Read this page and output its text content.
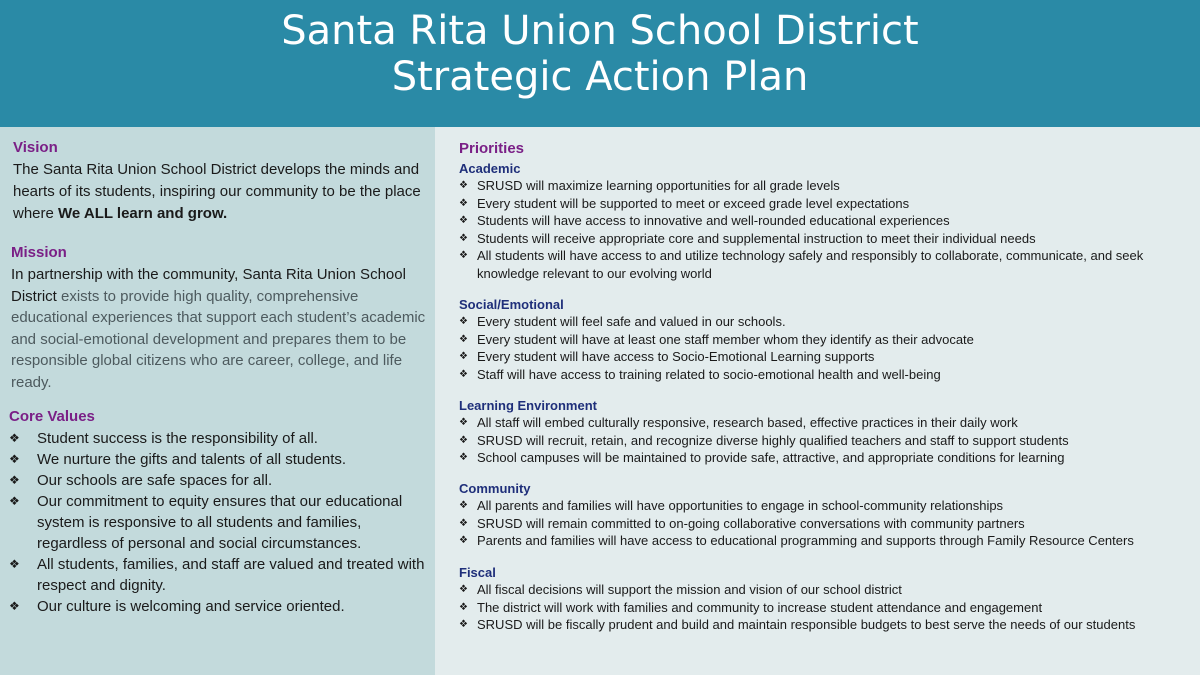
Santa Rita Union School District
Strategic Action Plan
Vision
The Santa Rita Union School District develops the minds and hearts of its students, inspiring our community to be the place where We ALL learn and grow.
Mission
In partnership with the community, Santa Rita Union School District exists to provide high quality, comprehensive educational experiences that support each student’s academic and social-emotional development and prepares them to be responsible global citizens who are career, college, and life ready.
Core Values
❖ Student success is the responsibility of all.
❖ We nurture the gifts and talents of all students.
❖ Our schools are safe spaces for all.
❖ Our commitment to equity ensures that our educational system is responsive to all students and families, regardless of personal and social circumstances.
❖ All students, families, and staff are valued and treated with respect and dignity.
❖ Our culture is welcoming and service oriented.
Priorities
Academic
❖ SRUSD will maximize learning opportunities for all grade levels
❖ Every student will be supported to meet or exceed grade level expectations
❖ Students will have access to innovative and well-rounded educational experiences
❖ Students will receive appropriate core and supplemental instruction to meet their individual needs
❖ All students will have access to and utilize technology safely and responsibly to collaborate, communicate, and seek knowledge relevant to our evolving world
Social/Emotional
❖ Every student will feel safe and valued in our schools.
❖ Every student will have at least one staff member whom they identify as their advocate
❖ Every student will have access to Socio-Emotional Learning supports
❖ Staff will have access to training related to socio-emotional health and well-being
Learning Environment
❖ All staff will embed culturally responsive, research based, effective practices in their daily work
❖ SRUSD will recruit, retain, and recognize diverse highly qualified teachers and staff to support students
❖ School campuses will be maintained to provide safe, attractive, and appropriate conditions for learning
Community
❖ All parents and families will have opportunities to engage in school-community relationships
❖ SRUSD will remain committed to on-going collaborative conversations with community partners
❖ Parents and families will have access to educational programming and supports through Family Resource Centers
Fiscal
❖ All fiscal decisions will support the mission and vision of our school district
❖ The district will work with families and community to increase student attendance and engagement
❖ SRUSD will be fiscally prudent and build and maintain responsible budgets to best serve the needs of our students
